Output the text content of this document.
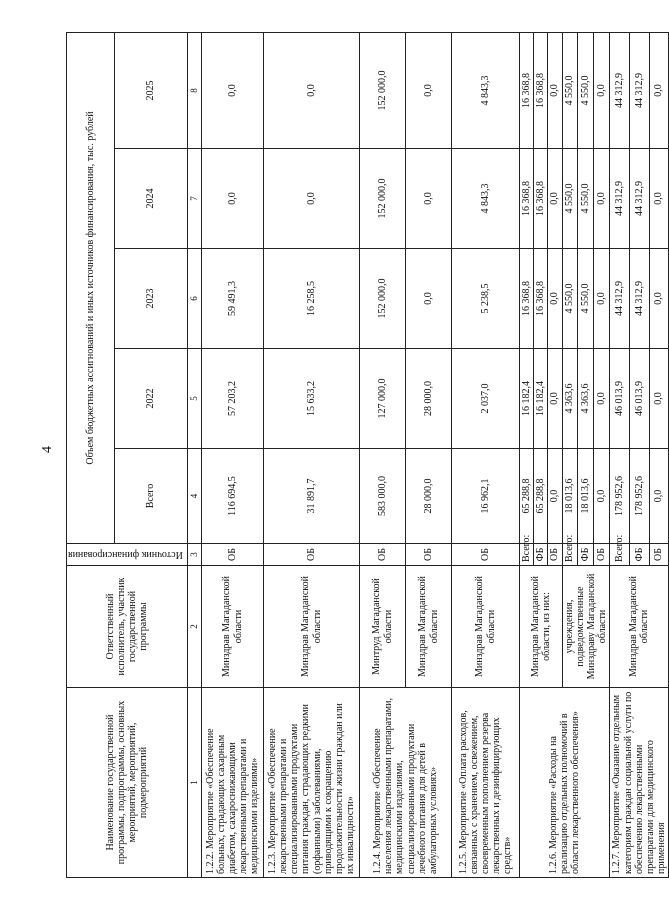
4
Наименование государственной программы, подпрограммы, основных мероприятий, мероприятий, подмероприятий	Ответственный исполнитель, участник государственной программы	Источник финансирования	Объем бюджетных ассигнований и иных источников финансирования, тыс. рублей				
			Всего	2022	2023	2024	2025
1	2	3	4	5	6	7	8
1.2.2. Мероприятие «Обеспечение больных, страдающих сахарным диабетом, сахароснижающими лекарственными препаратами и медицинскими изделиями»	Минздрав Магаданской области	ОБ	116 694,5	57 203,2	59 491,3	0,0	0,0
1.2.3. Мероприятие «Обеспечение лекарственными препаратами и специализированными продуктами питания граждан, страдающих редкими (орфанными) заболеваниями, приводящими к сокращению продолжительности жизни граждан или их инвалидности»	Минздрав Магаданской области	ОБ	31 891,7	15 633,2	16 258,5	0,0	0,0
1.2.4. Мероприятие «Обеспечение населения лекарственными препаратами, медицинскими изделиями, специализированными продуктами лечебного питания для детей в амбулаторных условиях»	Минтруд Магаданской области	ОБ	583 000,0	127 000,0	152 000,0	152 000,0	152 000,0
	Минздрав Магаданской области	ОБ	28 000,0	28 000,0	0,0	0,0	0,0
1.2.5. Мероприятие «Оплата расходов, связанных с хранением, освежением, своевременным пополнением резерва лекарственных и дезинфицирующих средств»	Минздрав Магаданской области	ОБ	16 962,1	2 037,0	5 238,5	4 843,3	4 843,3
1.2.6. Мероприятие «Расходы на реализацию отдельных полномочий в области лекарственного обеспечения»	Минздрав Магаданской области, из них:	Всего:	65 288,8	16 182,4	16 368,8	16 368,8	16 368,8
		ФБ	65 288,8	16 182,4	16 368,8	16 368,8	16 368,8
		ОБ	0,0	0,0	0,0	0,0	0,0
	учреждения, подведомственные Минздраву Магаданской области	Всего:	18 013,6	4 363,6	4 550,0	4 550,0	4 550,0
		ФБ	18 013,6	4 363,6	4 550,0	4 550,0	4 550,0
		ОБ	0,0	0,0	0,0	0,0	0,0
1.2.7. Мероприятие «Оказание отдельным категориям граждан социальной услуги по обеспечению лекарственными препаратами для медицинского применения	Минздрав Магаданской области	Всего:	178 952,6	46 013,9	44 312,9	44 312,9	44 312,9
		ФБ	178 952,6	46 013,9	44 312,9	44 312,9	44 312,9
		ОБ	0,0	0,0	0,0	0,0	0,0
